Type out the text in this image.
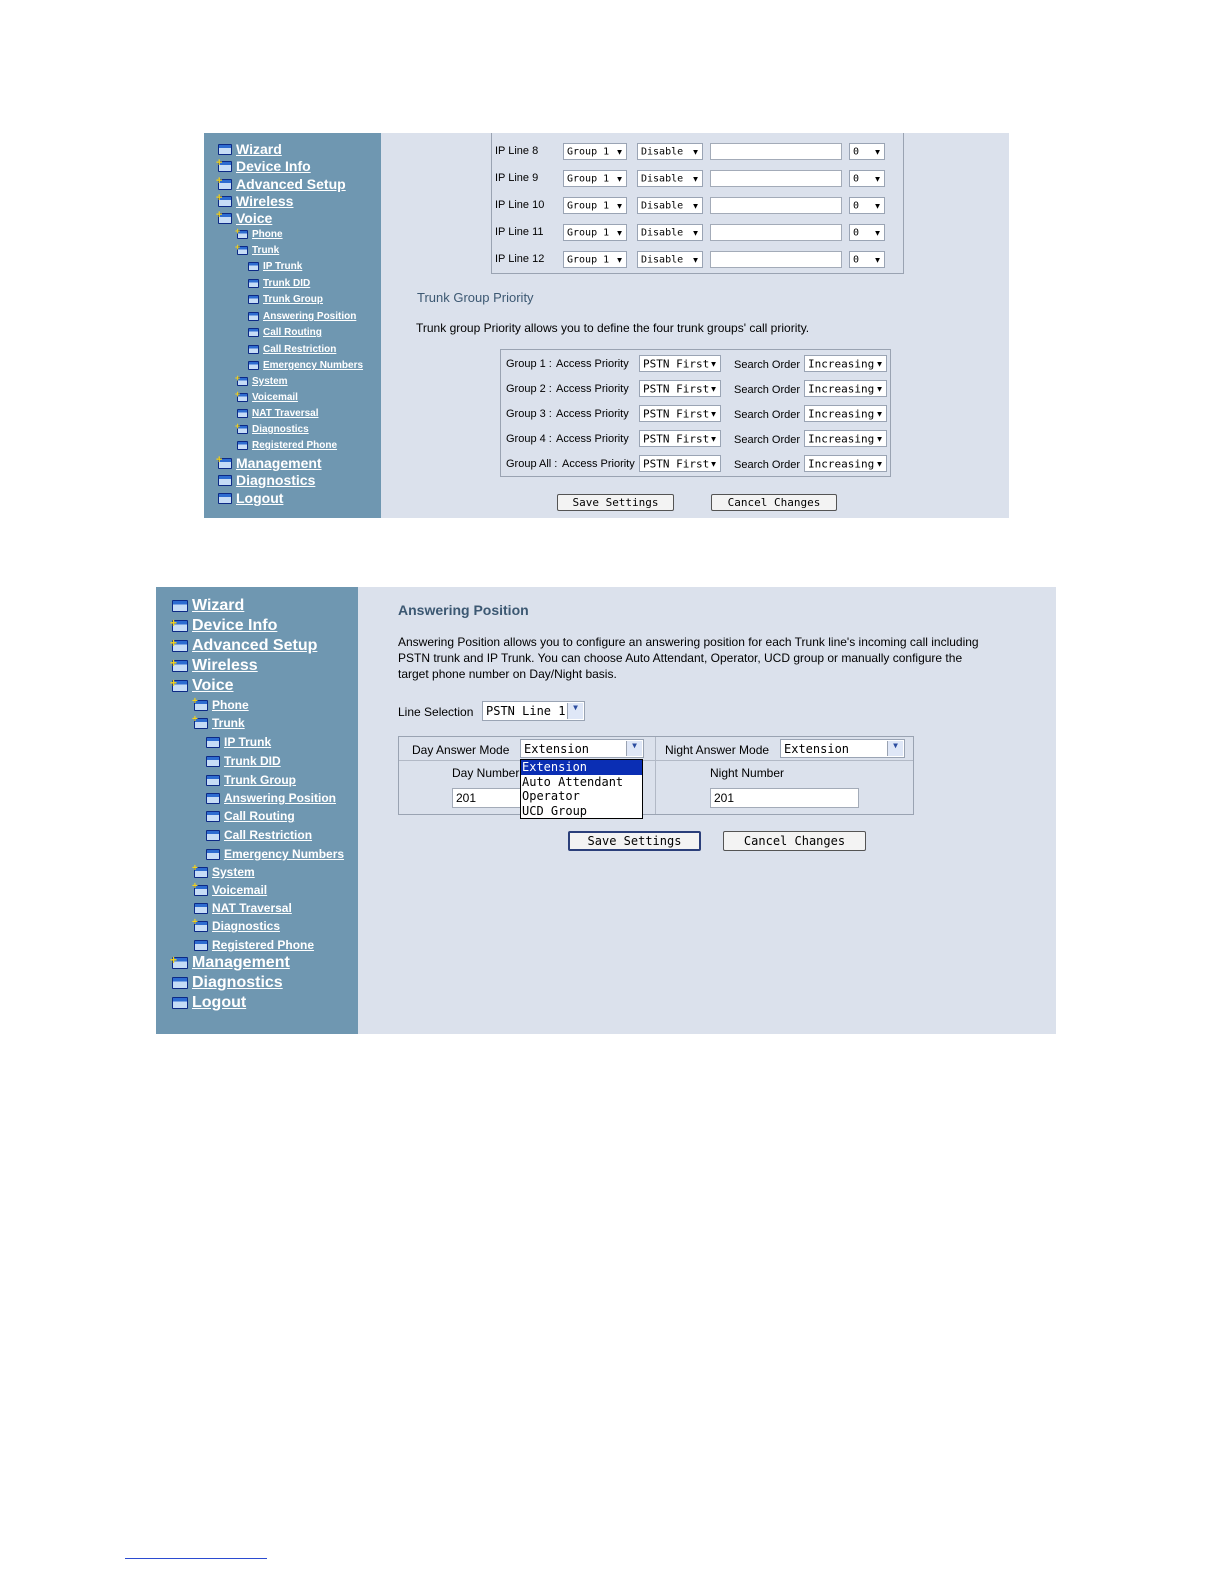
Wizard
+ Device Info
+ Advanced Setup
+ Wireless
+ Voice
+ Phone
+ Trunk
IP Trunk
Trunk DID
Trunk Group
Answering Position
Call Routing
Call Restriction
Emergency Numbers
+ System
+ Voicemail
NAT Traversal
+ Diagnostics
Registered Phone
+ Management
Diagnostics
Logout
IP Line 8	Group 1 ▼ Disable ▼	0 ▼
IP Line 9	Group 1 ▼ Disable ▼	0 ▼
IP Line 10 Group 1 ▼ Disable ▼	0 ▼
IP Line 11 Group 1 ▼ Disable ▼	0 ▼
IP Line 12 Group 1 ▼ Disable ▼	0 ▼
Trunk Group Priority
Trunk group Priority allows you to define the four trunk groups' call priority.
Group 1 : Access Priority PSTN First ▼ Search Order Increasing ▼
Group 2 : Access Priority PSTN First ▼ Search Order Increasing ▼
Group 3 : Access Priority PSTN First ▼ Search Order Increasing ▼
Group 4 : Access Priority PSTN First ▼ Search Order Increasing ▼
Group All : Access Priority PSTN First ▼ Search Order Increasing ▼
Save Settings	Cancel Changes
Wizard
+ Device Info
+ Advanced Setup
+ Wireless
+ Voice
+ Phone
+ Trunk
IP Trunk
Trunk DID
Trunk Group
Answering Position
Call Routing
Call Restriction
Emergency Numbers
+ System
+ Voicemail
NAT Traversal
+ Diagnostics
Registered Phone
+ Management
Diagnostics
Logout
Answering Position
Answering Position allows you to configure an answering position for each Trunk line's incoming call including
PSTN trunk and IP Trunk. You can choose Auto Attendant, Operator, UCD group or manually configure the
target phone number on Day/Night basis.
Line Selection PSTN Line 1 ▼
Day Answer Mode Extension	▼	Night Answer Mode Extension	▼
Day Number
201
Night Number
201
Extension
Auto Attendant
Operator
UCD Group
Save Settings	Cancel Changes
